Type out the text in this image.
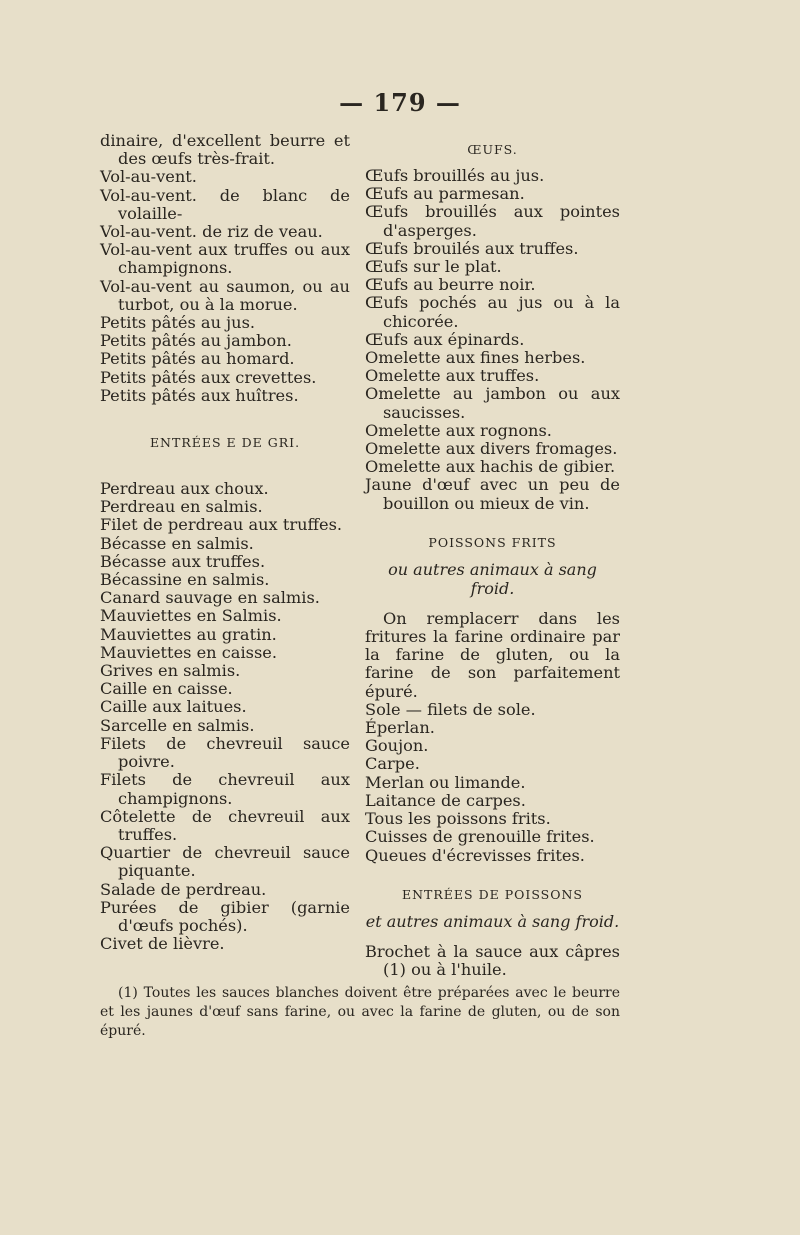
— 179 —
dinaire, d'excellent beurre et des œufs très-frait.
Vol-au-vent.
Vol-au-vent. de blanc de volaille-
Vol-au-vent. de riz de veau.
Vol-au-vent aux truffes ou aux champignons.
Vol-au-vent au saumon, ou au turbot, ou à la morue.
Petits pâtés au jus.
Petits pâtés au jambon.
Petits pâtés au homard.
Petits pâtés aux crevettes.
Petits pâtés aux huîtres.
ENTRÉES E DE GRI.
Perdreau aux choux.
Perdreau en salmis.
Filet de perdreau aux truffes.
Bécasse en salmis.
Bécasse aux truffes.
Bécassine en salmis.
Canard sauvage en salmis.
Mauviettes en Salmis.
Mauviettes au gratin.
Mauviettes en caisse.
Grives en salmis.
Caille en caisse.
Caille aux laitues.
Sarcelle en salmis.
Filets de chevreuil sauce poivre.
Filets de chevreuil aux champignons.
Côtelette de chevreuil aux truffes.
Quartier de chevreuil sauce piquante.
Salade de perdreau.
Purées de gibier (garnie d'œufs pochés).
Civet de lièvre.
ŒUFS.
Œufs brouillés au jus.
Œufs au parmesan.
Œufs brouillés aux pointes d'asperges.
Œufs brouilés aux truffes.
Œufs sur le plat.
Œufs au beurre noir.
Œufs pochés au jus ou à la chicorée.
Œufs aux épinards.
Omelette aux fines herbes.
Omelette aux truffes.
Omelette au jambon ou aux saucisses.
Omelette aux rognons.
Omelette aux divers fromages.
Omelette aux hachis de gibier.
Jaune d'œuf avec un peu de bouillon ou mieux de vin.
POISSONS FRITS
ou autres animaux à sang froid.
On remplacerr dans les fritures la farine ordinaire par la farine de gluten, ou la farine de son parfaitement épuré.
Sole — filets de sole.
Éperlan.
Goujon.
Carpe.
Merlan ou limande.
Laitance de carpes.
Tous les poissons frits.
Cuisses de grenouille frites.
Queues d'écrevisses frites.
ENTRÉES DE POISSONS
et autres animaux à sang froid.
Brochet à la sauce aux câpres (1) ou à l'huile.
(1) Toutes les sauces blanches doivent être préparées avec le beurre et les jaunes d'œuf sans farine, ou avec la farine de gluten, ou de son épuré.
